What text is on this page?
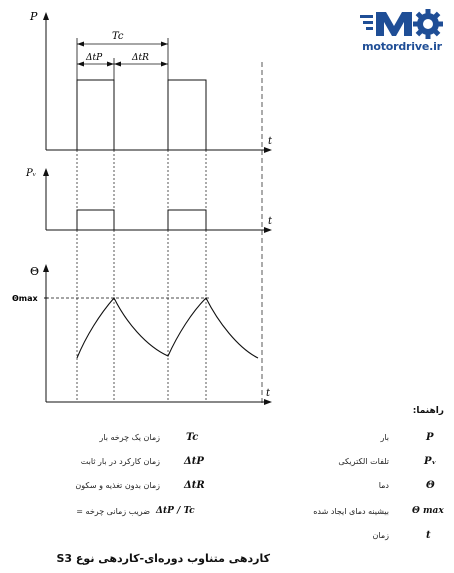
P
t
Tc
ΔtP	ΔtR
Pᵥ
t
Θ
t
Θmax
motordrive.ir
راهنما:
P
بار
Pᵥ
تلفات الکتریکی
Θ
دما
Θ max
بیشینه دمای ایجاد شده
t
زمان
Tc
زمان یک چرخه بار
ΔtP
زمان کارکرد در بار ثابت
ΔtR
زمان بدون تغذیه و سکون
ΔtP / Tc
ضریب زمانی چرخه =
کاردهی متناوب دوره‌ای-کاردهی نوع S3
